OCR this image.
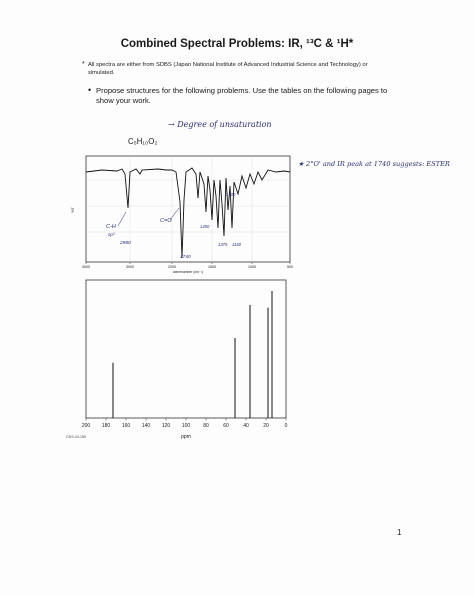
Combined Spectral Problems: IR, ¹³C & ¹H*
* All spectra are either from SDBS (Japan National Institute of Advanced Industrial Science and Technology) or simulated.
• Propose structures for the following problems. Use the tables on the following pages to show your work.
→ Degree of unsaturation
C₅H₁₀O₂
★ 2°O' and IR peak at 1740 suggests: ESTER
4000	3000	2000	1500	1000	500
wavenumber (cm⁻¹)
%T
C-H
sp³
2980
C=O
1740
1450
1375 1160
1300
200 180 160 140 120 100	80	60	40	20	0
ppm
CDS-04-159
1
